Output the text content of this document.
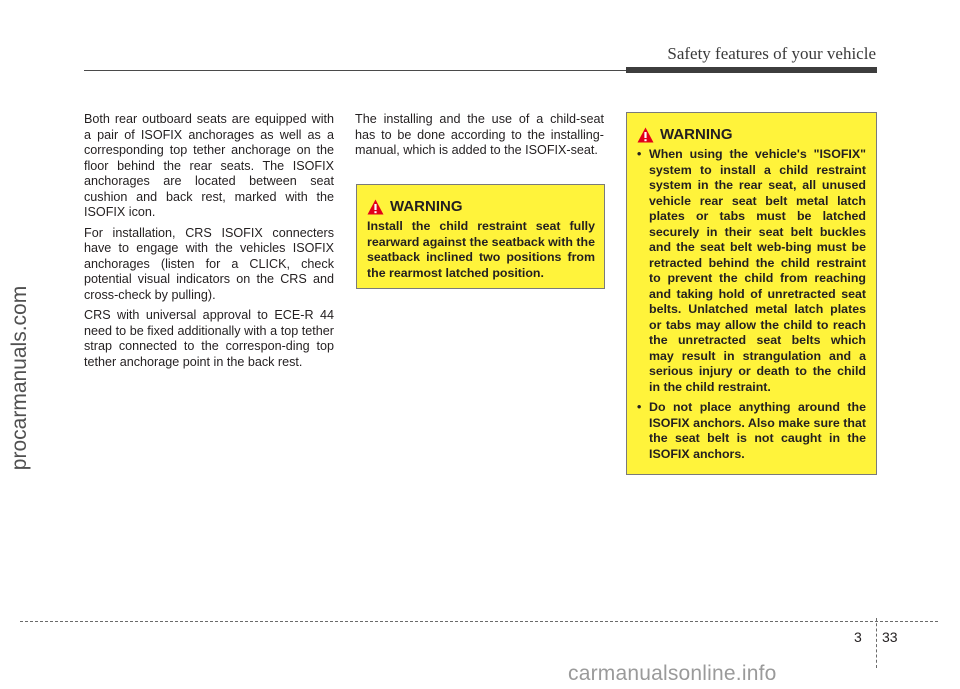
Safety features of your vehicle
procarmanuals.com

Both rear outboard seats are equipped with a pair of ISOFIX anchorages as well as a corresponding top tether anchorage on the floor behind the rear seats. The ISOFIX anchorages are located between seat cushion and back rest, marked with the ISOFIX icon.

For installation, CRS ISOFIX connecters have to engage with the vehicles ISOFIX anchorages (listen for a CLICK, check potential visual indicators on the CRS and cross-check by pulling).

CRS with universal approval to ECE-R 44 need to be fixed additionally with a top tether strap connected to the correspon-ding top tether anchorage point in the back rest.

The installing and the use of a child-seat has to be done according to the installing-manual, which is added to the ISOFIX-seat.

WARNING
Install the child restraint seat fully rearward against the seatback with the seatback inclined two positions from the rearmost latched position.
WARNING
• When using the vehicle's "ISOFIX" system to install a child restraint system in the rear seat, all unused vehicle rear seat belt metal latch plates or tabs must be latched securely in their seat belt buckles and the seat belt web-bing must be retracted behind the child restraint to prevent the child from reaching and taking hold of unretracted seat belts. Unlatched metal latch plates or tabs may allow the child to reach the unretracted seat belts which may result in strangulation and a serious injury or death to the child in the child restraint.
• Do not place anything around the ISOFIX anchors. Also make sure that the seat belt is not caught in the ISOFIX anchors.
3 33
carmanualsonline.info
